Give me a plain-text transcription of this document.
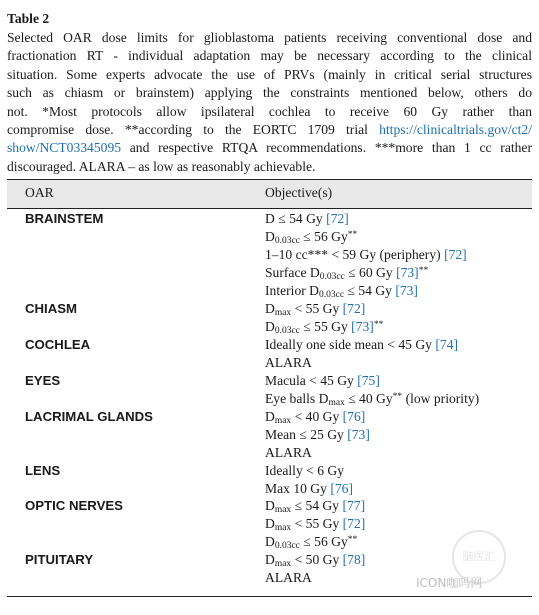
Table 2
Selected OAR dose limits for glioblastoma patients receiving conventional dose and
fractionation RT - individual adaptation may be necessary according to the clinical
situation. Some experts advocate the use of PRVs (mainly in critical serial structures
such as chiasm or brainstem) applying the constraints mentioned below, others do
not. *Most protocols allow ipsilateral cochlea to receive 60 Gy rather than
compromise dose. **according to the EORTC 1709 trial https://clinicaltrials.gov/ct2/
show/NCT03345095 and respective RTQA recommendations. ***more than 1 cc rather
discouraged. ALARA – as low as reasonably achievable.
OAR	Objective(s)
BRAINSTEM	D ≤ 54 Gy [72]
$D_{0.03cc} \le 56$ Gy**
1–10 cc*** < 59 Gy (periphery) [72]
Surface $D_{0.03cc} \le 60$ Gy [73]**
Interior $D_{0.03cc} \le 54$ Gy [73]
CHIASM	$D_{max} < 55$ Gy [72]
$D_{0.03cc} \le 55$ Gy [73]**
COCHLEA	Ideally one side mean < 45 Gy [74]
ALARA
EYES	Macula < 45 Gy [75]
Eye balls $D_{max} \le 40$ Gy** (low priority)
LACRIMAL GLANDS	$D_{max} < 40$ Gy [76]
Mean ≤ 25 Gy [73]
ALARA
LENS	Ideally < 6 Gy
Max 10 Gy [76]
OPTIC NERVES	$D_{max} \le 54$ Gy [77]
$D_{max} < 55$ Gy [72]
$D_{0.03cc} \le 56$ Gy**
PITUITARY	$D_{max} < 50$ Gy [78]
ALARA
脑医汇
ICON咖吗网
